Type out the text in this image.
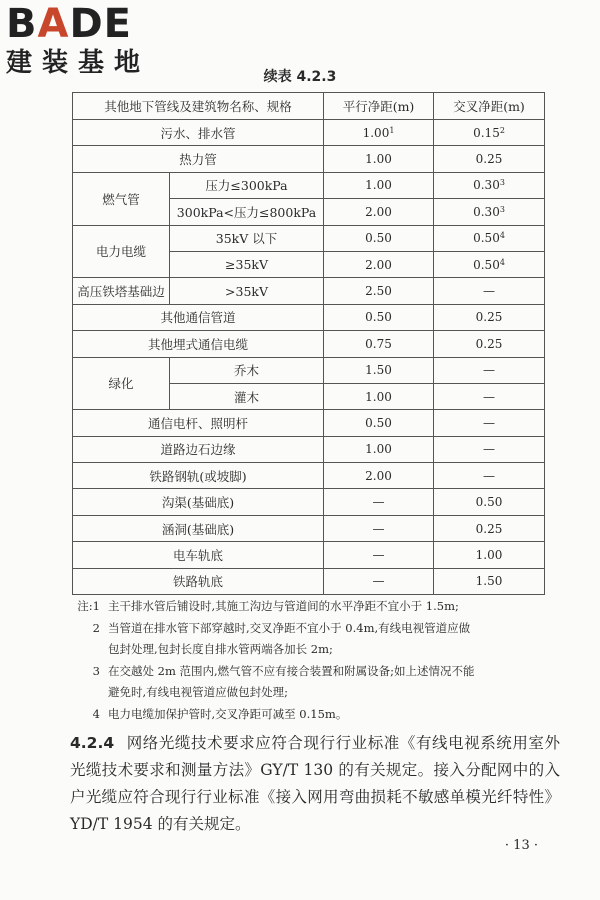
BADE
建装基地	续表 4.2.3
其他地下管线及建筑物名称、规格		平行净距(m)	交叉净距(m)
污水、排水管		1.00$^1$	0.15$^2$
热力管		1.00	0.25
燃气管	压力≤300kPa	1.00	0.30$^3$
	300kPa<压力≤800kPa	2.00	0.30$^3$
电力电缆	35kV 以下	0.50	0.50$^4$
	≥35kV	2.00	0.50$^4$
高压铁塔基础边	>35kV	2.50	—
其他通信管道		0.50	0.25
其他埋式通信电缆		0.75	0.25
绿化	乔木	1.50	—
	灌木	1.00	—
通信电杆、照明杆		0.50	—
道路边石边缘		1.00	—
铁路钢轨(或坡脚)		2.00	—
沟渠(基础底)		—	0.50
涵洞(基础底)		—	0.25
电车轨底		—	1.00
铁路轨底		—	1.50
注:1 主干排水管后铺设时,其施工沟边与管道间的水平净距不宜小于 1.5m;
2 当管道在排水管下部穿越时,交叉净距不宜小于 0.4m,有线电视管道应做
包封处理,包封长度自排水管两端各加长 2m;
3 在交越处 2m 范围内,燃气管不应有接合装置和附属设备;如上述情况不能
避免时,有线电视管道应做包封处理;
4 电力电缆加保护管时,交叉净距可减至 0.15m。
4.2.4 网络光缆技术要求应符合现行行业标准《有线电视系统用室外光缆技术要求和测量方法》GY/T 130 的有关规定。接入分配网中的入户光缆应符合现行行业标准《接入网用弯曲损耗不敏感单模光纤特性》YD/T 1954 的有关规定。
· 13 ·
